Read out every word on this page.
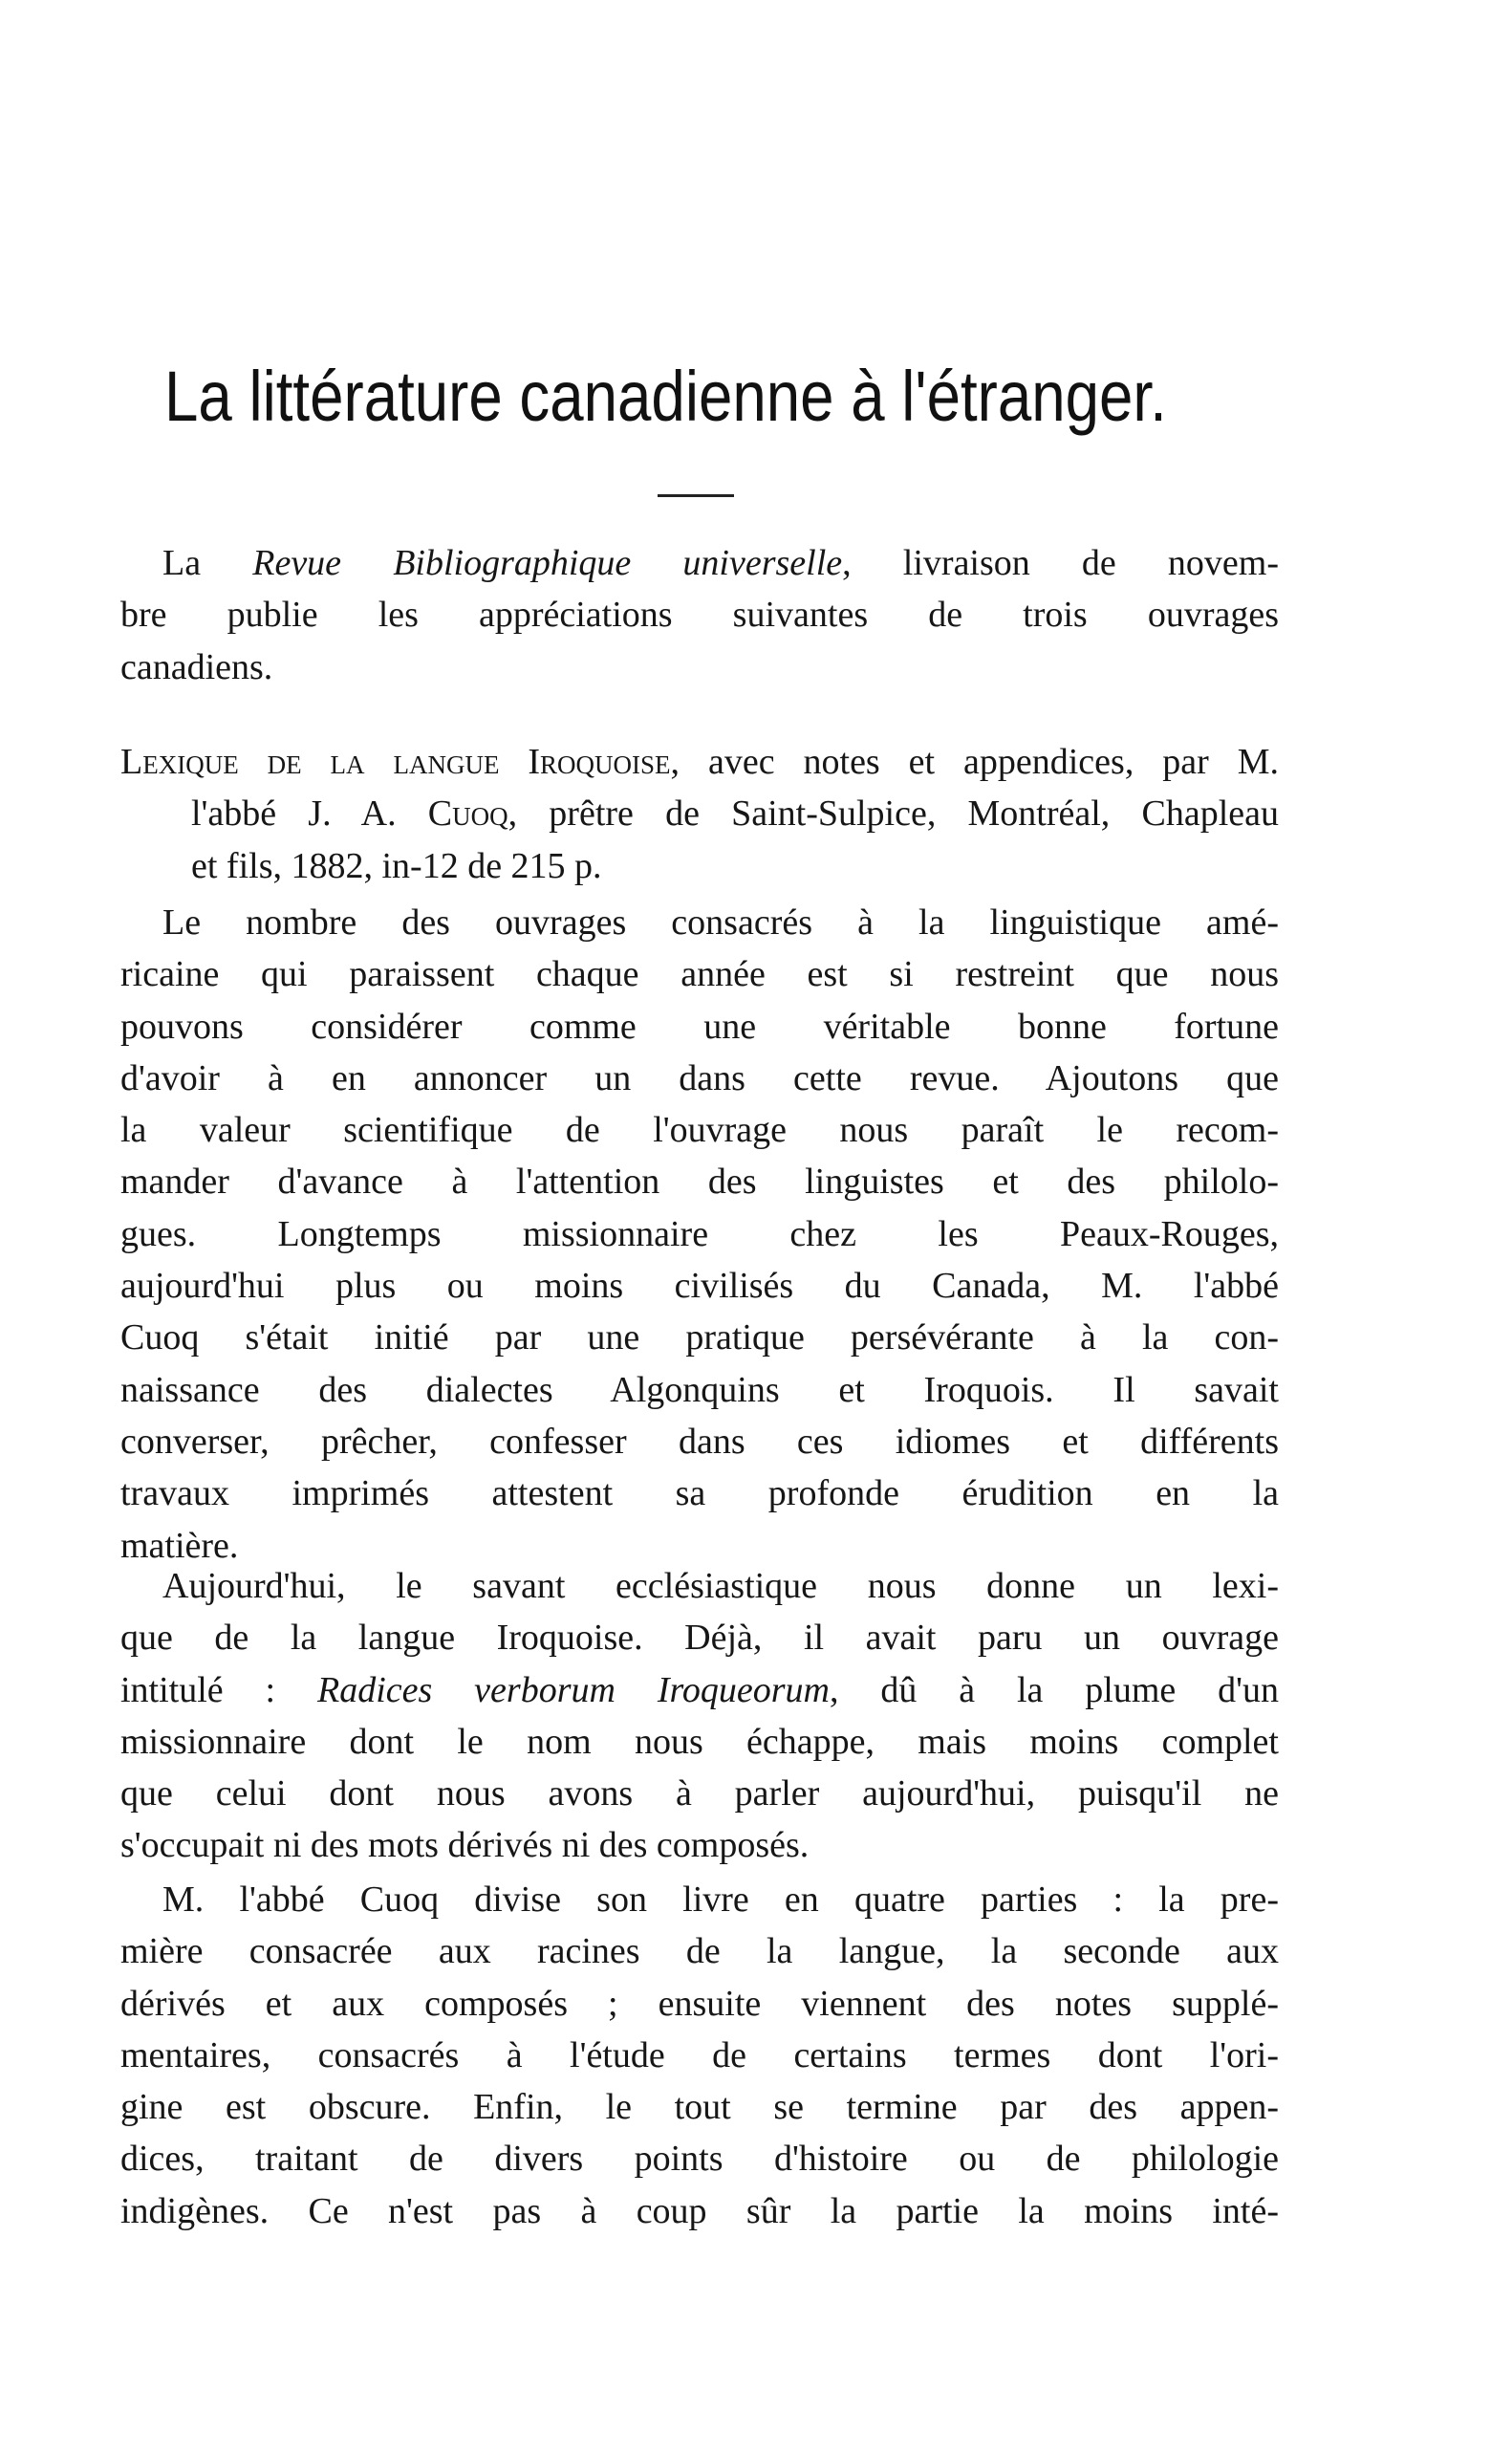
La littérature canadienne à l'étranger.

La Revue Bibliographique universelle, livraison de novem-
bre publie les appréciations suivantes de trois ouvrages
canadiens.

Lexique de la langue Iroquoise, avec notes et appendices, par M.
l'abbé J. A. Cuoq, prêtre de Saint-Sulpice, Montréal, Chapleau
et fils, 1882, in-12 de 215 p.

Le nombre des ouvrages consacrés à la linguistique amé-
ricaine qui paraissent chaque année est si restreint que nous
pouvons considérer comme une véritable bonne fortune
d'avoir à en annoncer un dans cette revue. Ajoutons que
la valeur scientifique de l'ouvrage nous paraît le recom-
mander d'avance à l'attention des linguistes et des philolo-
gues. Longtemps missionnaire chez les Peaux-Rouges,
aujourd'hui plus ou moins civilisés du Canada, M. l'abbé
Cuoq s'était initié par une pratique persévérante à la con-
naissance des dialectes Algonquins et Iroquois. Il savait
converser, prêcher, confesser dans ces idiomes et différents
travaux imprimés attestent sa profonde érudition en la
matière.

Aujourd'hui, le savant ecclésiastique nous donne un lexi-
que de la langue Iroquoise. Déjà, il avait paru un ouvrage
intitulé : Radices verborum Iroqueorum, dû à la plume d'un
missionnaire dont le nom nous échappe, mais moins complet
que celui dont nous avons à parler aujourd'hui, puisqu'il ne
s'occupait ni des mots dérivés ni des composés.

M. l'abbé Cuoq divise son livre en quatre parties : la pre-
mière consacrée aux racines de la langue, la seconde aux
dérivés et aux composés ; ensuite viennent des notes supplé-
mentaires, consacrés à l'étude de certains termes dont l'ori-
gine est obscure. Enfin, le tout se termine par des appen-
dices, traitant de divers points d'histoire ou de philologie
indigènes. Ce n'est pas à coup sûr la partie la moins inté-
